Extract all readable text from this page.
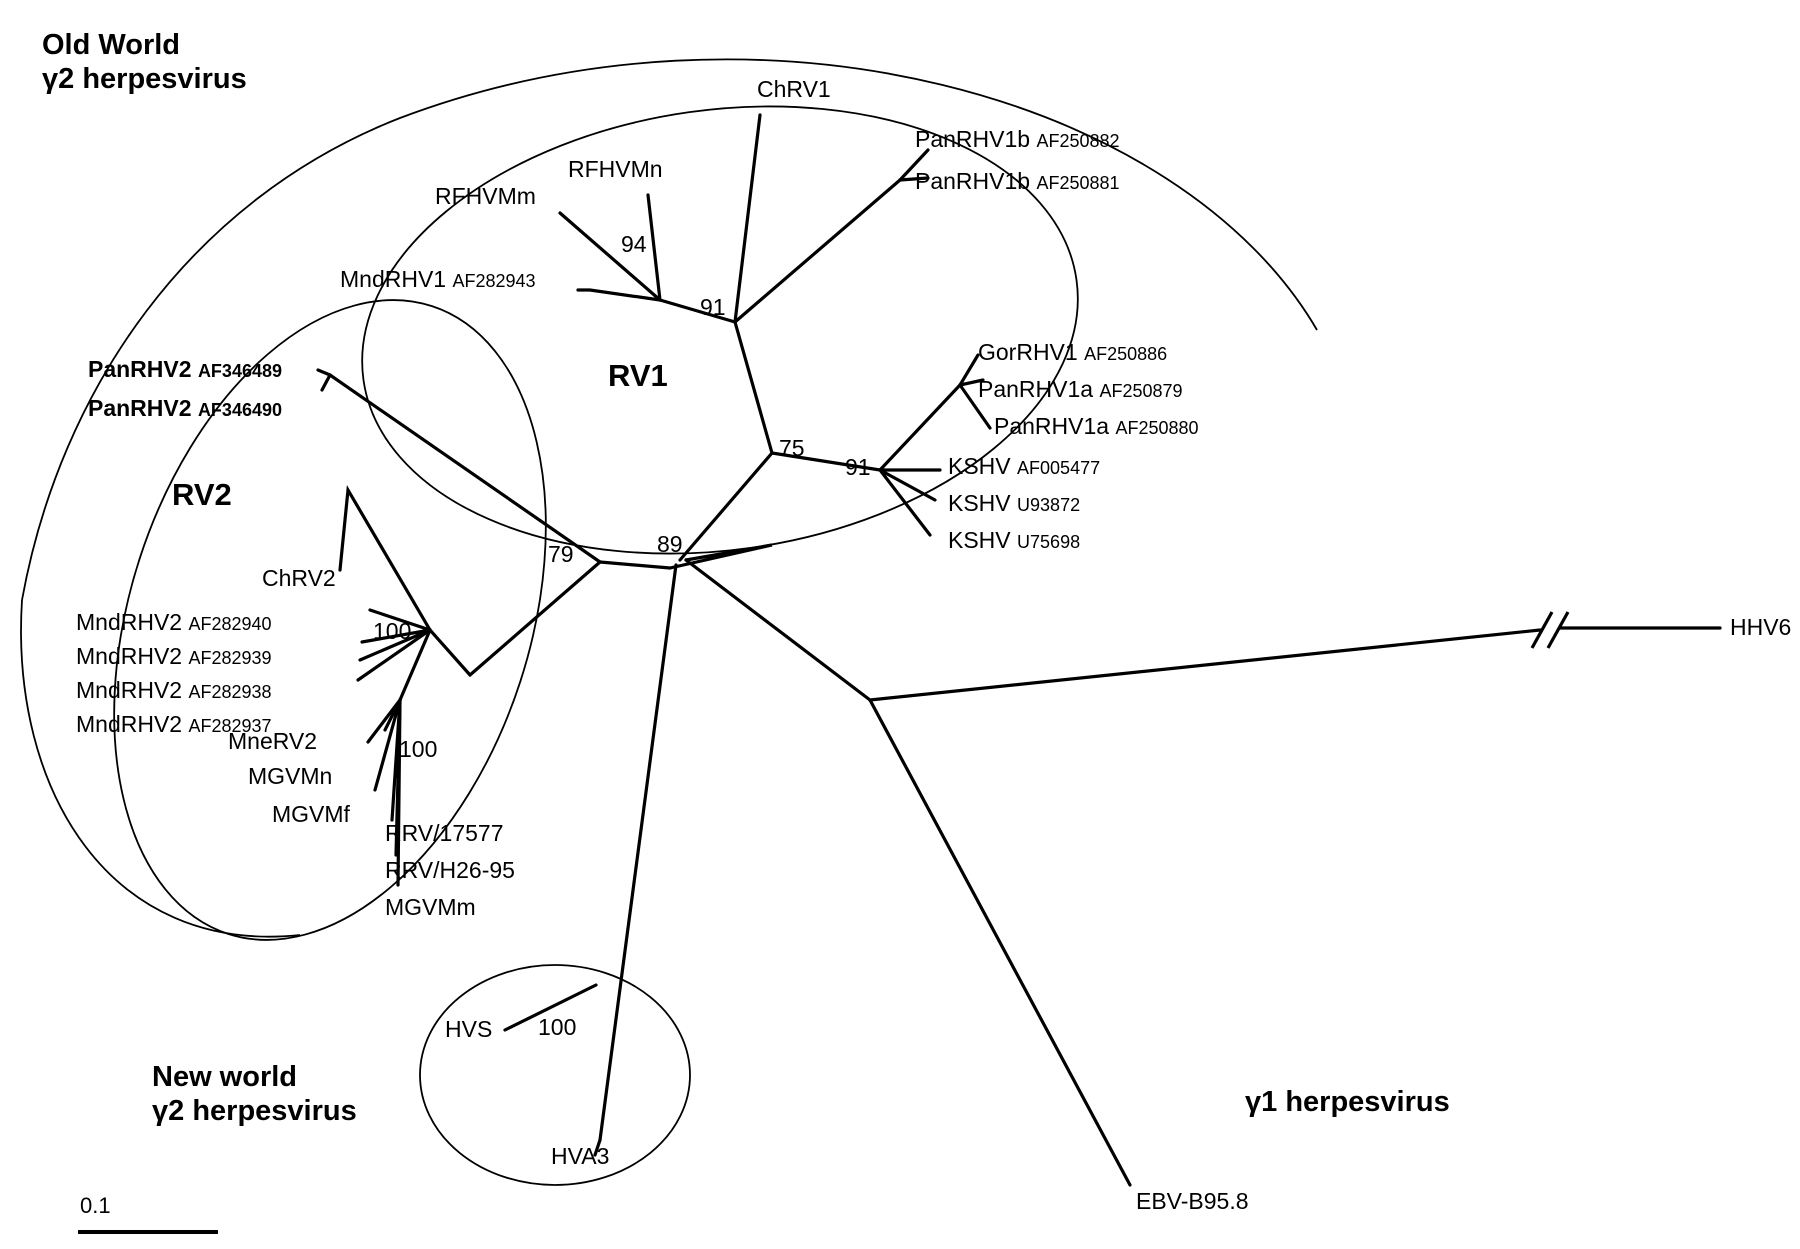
Old World
γ2 herpesvirus
New world
γ2 herpesvirus	γ1 herpesvirus
RV1
RV2
ChRV1
RFHVMn
RFHVMm
MndRHV1 AF282943
PanRHV1b AF250882
PanRHV1b AF250881
GorRHV1 AF250886
PanRHV1a AF250879
PanRHV1a AF250880
KSHV AF005477
KSHV U93872
KSHV U75698
PanRHV2 AF346489
PanRHV2 AF346490
ChRV2
MndRHV2 AF282940
MndRHV2 AF282939
MndRHV2 AF282938
MndRHV2 AF282937
MneRV2
MGVMn
MGVMf
RRV/17577
RRV/H26-95
MGVMm
HVS
HVA3
EBV-B95.8
HHV6
94
91
75
91
89
79
100
100
100
0.1
